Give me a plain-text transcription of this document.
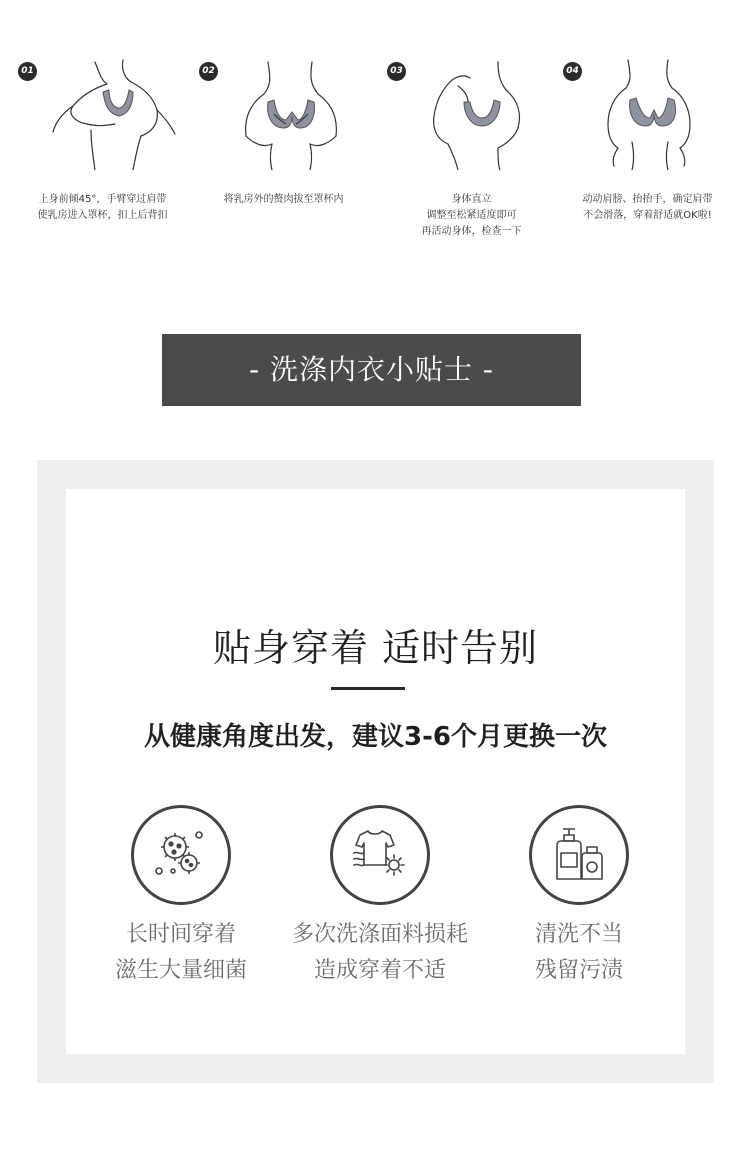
01
上身前倾45°，手臂穿过肩带
使乳房进入罩杯，扣上后背扣
02
将乳房外的赘肉拔至罩杯内
03
身体直立
调整至松紧适度即可
再活动身体，检查一下
04
动动肩膀、抬抬手，确定肩带
不会滑落，穿着舒适就OK啦!
- 洗涤内衣小贴士 -
贴身穿着 适时告别
从健康角度出发，建议3-6个月更换一次
长时间穿着
滋生大量细菌
多次洗涤面料损耗
造成穿着不适
清洗不当
残留污渍
